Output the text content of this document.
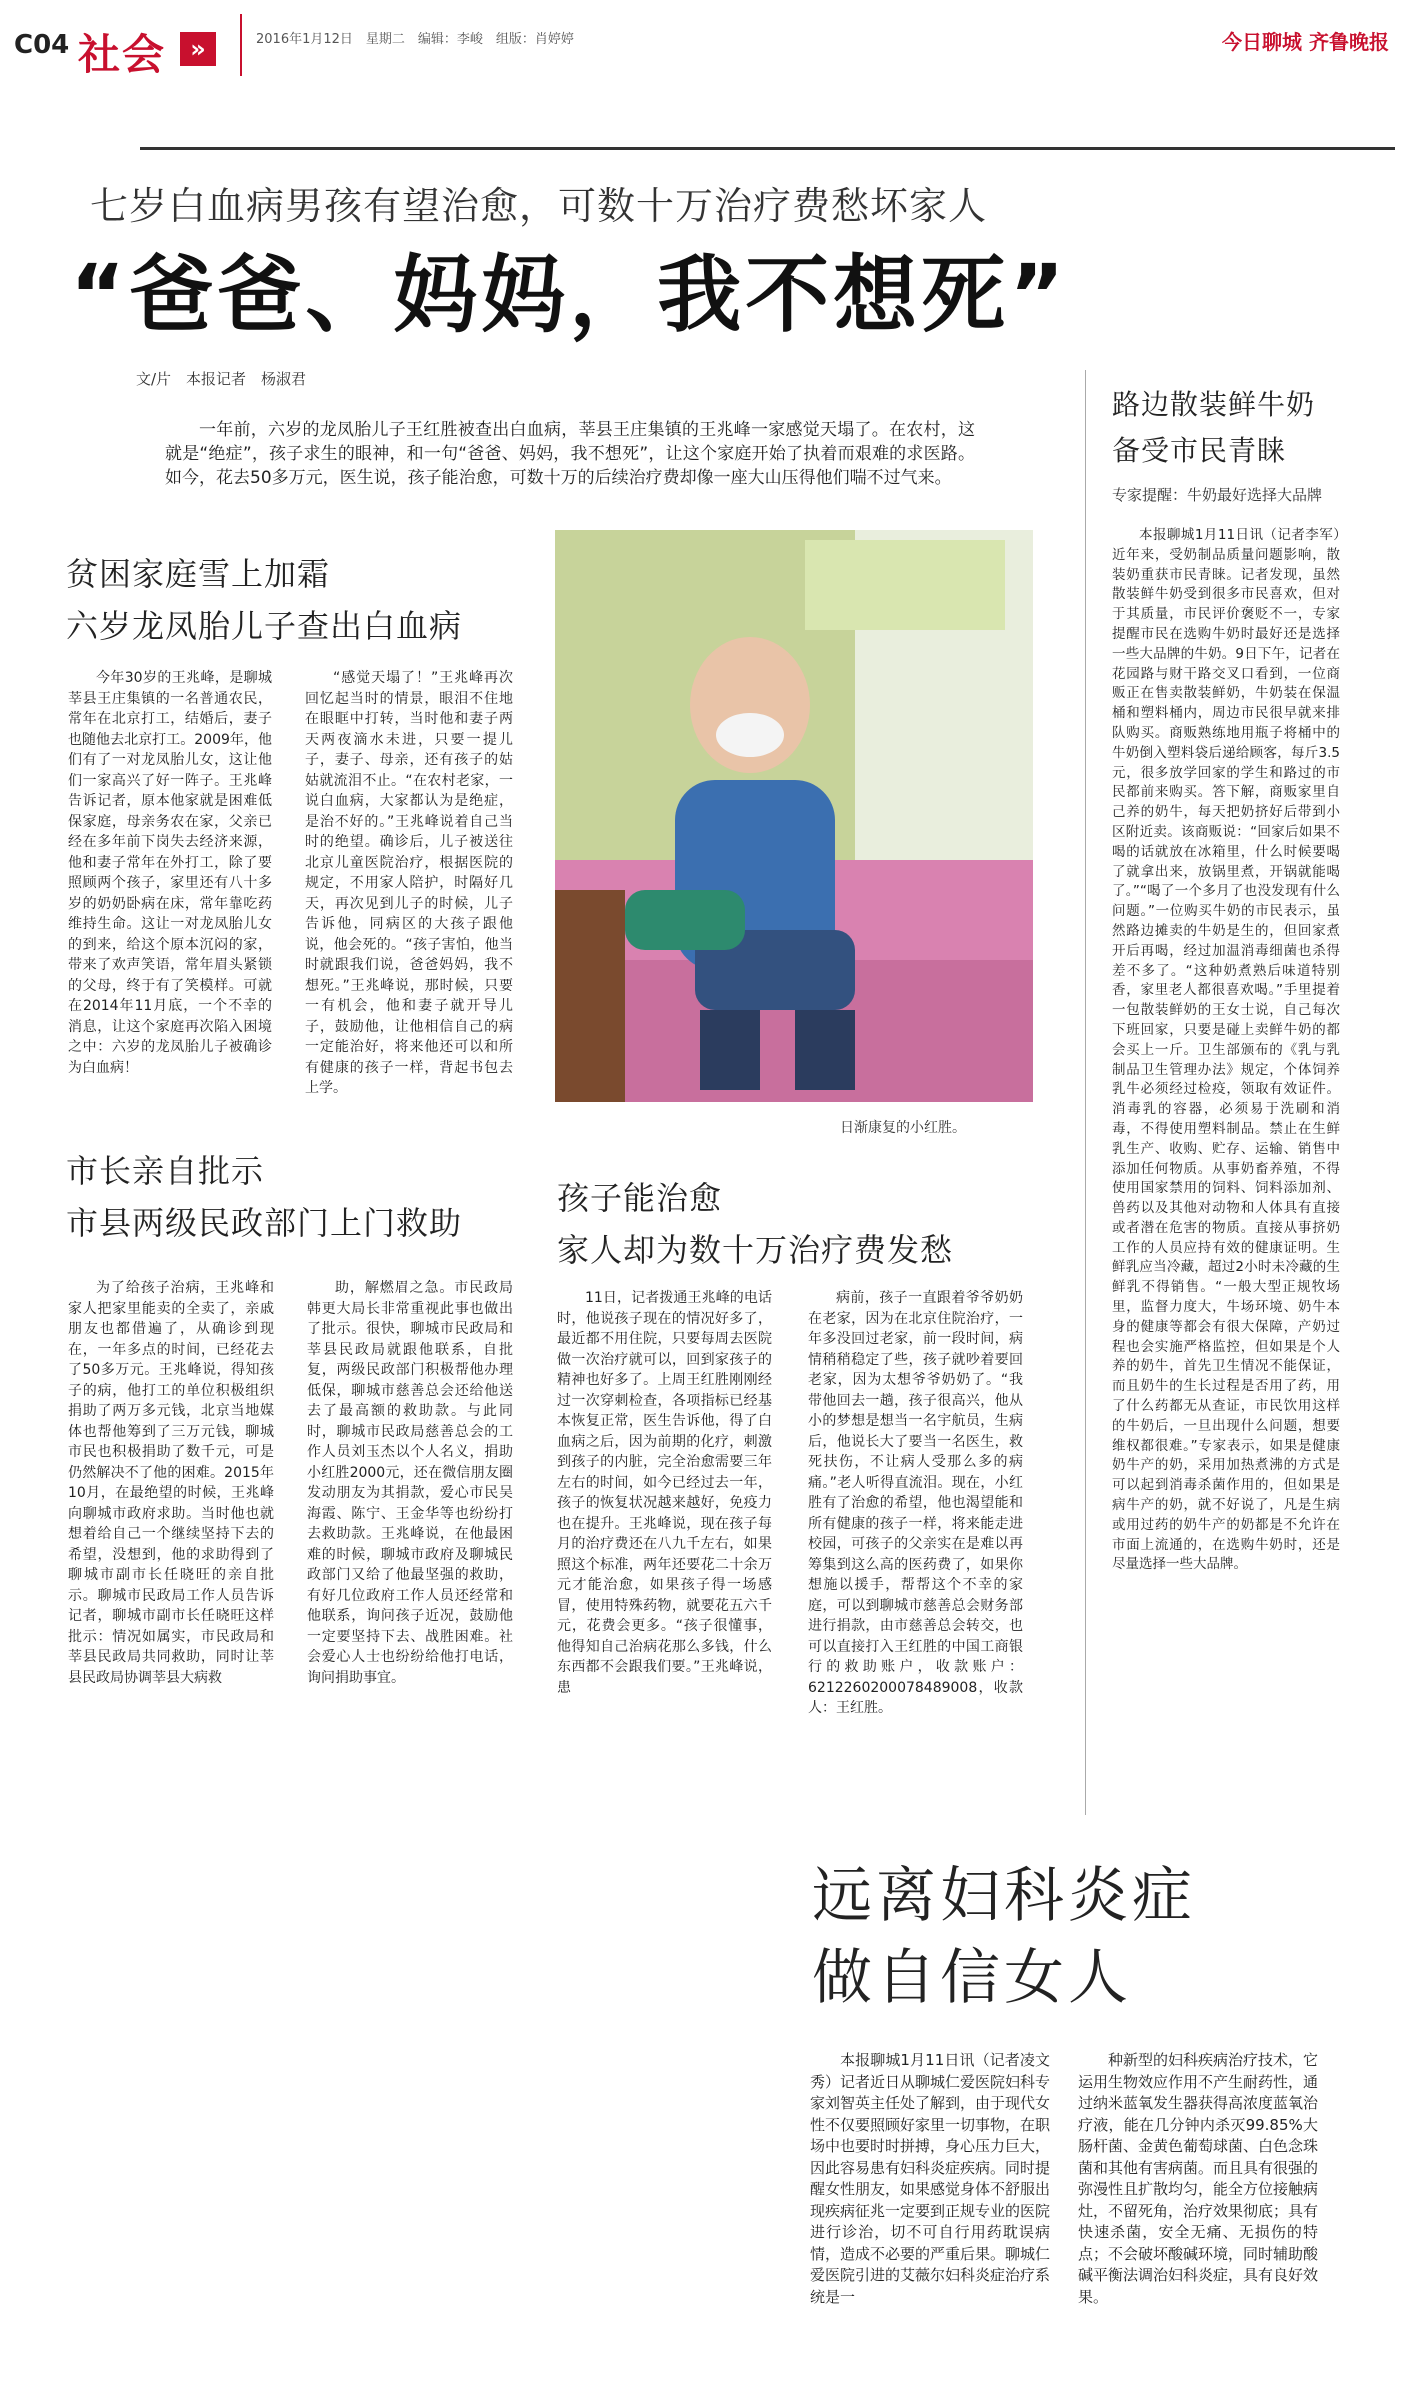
C04 社会	»	2016年1月12日　星期二　编辑：李峻　组版：肖婷婷	今日聊城 齐鲁晚报
七岁白血病男孩有望治愈，可数十万治疗费愁坏家人
“爸爸、妈妈，我不想死”
文/片　本报记者　杨淑君
一年前，六岁的龙凤胎儿子王红胜被查出白血病，莘县王庄集镇的王兆峰一家感觉天塌了。在农村，这就是“绝症”，孩子求生的眼神，和一句“爸爸、妈妈，我不想死”，让这个家庭开始了执着而艰难的求医路。如今，花去50多万元，医生说，孩子能治愈，可数十万的后续治疗费却像一座大山压得他们喘不过气来。
贫困家庭雪上加霜
六岁龙凤胎儿子查出白血病

今年30岁的王兆峰，是聊城莘县王庄集镇的一名普通农民，常年在北京打工，结婚后，妻子也随他去北京打工。2009年，他们有了一对龙凤胎儿女，这让他们一家高兴了好一阵子。王兆峰告诉记者，原本他家就是困难低保家庭，母亲务农在家，父亲已经在多年前下岗失去经济来源，他和妻子常年在外打工，除了要照顾两个孩子，家里还有八十多岁的奶奶卧病在床，常年靠吃药维持生命。这让一对龙凤胎儿女的到来，给这个原本沉闷的家，带来了欢声笑语，常年眉头紧锁的父母，终于有了笑模样。可就在2014年11月底，一个不幸的消息，让这个家庭再次陷入困境之中：六岁的龙凤胎儿子被确诊为白血病！

“感觉天塌了！”王兆峰再次回忆起当时的情景，眼泪不住地在眼眶中打转，当时他和妻子两天两夜滴水未进，只要一提儿子，妻子、母亲，还有孩子的姑姑就流泪不止。“在农村老家，一说白血病，大家都认为是绝症，是治不好的。”王兆峰说着自己当时的绝望。确诊后，儿子被送往北京儿童医院治疗，根据医院的规定，不用家人陪护，时隔好几天，再次见到儿子的时候，儿子告诉他，同病区的大孩子跟他说，他会死的。“孩子害怕，他当时就跟我们说，爸爸妈妈，我不想死。”王兆峰说，那时候，只要一有机会，他和妻子就开导儿子，鼓励他，让他相信自己的病一定能治好，将来他还可以和所有健康的孩子一样，背起书包去上学。

日渐康复的小红胜。
市长亲自批示
市县两级民政部门上门救助

为了给孩子治病，王兆峰和家人把家里能卖的全卖了，亲戚朋友也都借遍了，从确诊到现在，一年多点的时间，已经花去了50多万元。王兆峰说，得知孩子的病，他打工的单位积极组织捐助了两万多元钱，北京当地媒体也帮他筹到了三万元钱，聊城市民也积极捐助了数千元，可是仍然解决不了他的困难。2015年10月，在最绝望的时候，王兆峰向聊城市政府求助。当时他也就想着给自己一个继续坚持下去的希望，没想到，他的求助得到了聊城市副市长任晓旺的亲自批示。聊城市民政局工作人员告诉记者，聊城市副市长任晓旺这样批示：情况如属实，市民政局和莘县民政局共同救助，同时让莘县民政局协调莘县大病救

助，解燃眉之急。市民政局韩更大局长非常重视此事也做出了批示。很快，聊城市民政局和莘县民政局就跟他联系，自批复，两级民政部门积极帮他办理低保，聊城市慈善总会还给他送去了最高额的救助款。与此同时，聊城市民政局慈善总会的工作人员刘玉杰以个人名义，捐助小红胜2000元，还在微信朋友圈发动朋友为其捐款，爱心市民吴海霞、陈宁、王金华等也纷纷打去救助款。王兆峰说，在他最困难的时候，聊城市政府及聊城民政部门又给了他最坚强的救助，有好几位政府工作人员还经常和他联系，询问孩子近况，鼓励他一定要坚持下去、战胜困难。社会爱心人士也纷纷给他打电话，询问捐助事宜。

孩子能治愈
家人却为数十万治疗费发愁

11日，记者拨通王兆峰的电话时，他说孩子现在的情况好多了，最近都不用住院，只要每周去医院做一次治疗就可以，回到家孩子的精神也好多了。上周王红胜刚刚经过一次穿刺检查，各项指标已经基本恢复正常，医生告诉他，得了白血病之后，因为前期的化疗，刺激到孩子的内脏，完全治愈需要三年左右的时间，如今已经过去一年，孩子的恢复状况越来越好，免疫力也在提升。王兆峰说，现在孩子每月的治疗费还在八九千左右，如果照这个标准，两年还要花二十余万元才能治愈，如果孩子得一场感冒，使用特殊药物，就要花五六千元，花费会更多。“孩子很懂事，他得知自己治病花那么多钱，什么东西都不会跟我们要。”王兆峰说，患

病前，孩子一直跟着爷爷奶奶在老家，因为在北京住院治疗，一年多没回过老家，前一段时间，病情稍稍稳定了些，孩子就吵着要回老家，因为太想爷爷奶奶了。“我带他回去一趟，孩子很高兴，他从小的梦想是想当一名宇航员，生病后，他说长大了要当一名医生，救死扶伤，不让病人受那么多的病痛。”老人听得直流泪。现在，小红胜有了治愈的希望，他也渴望能和所有健康的孩子一样，将来能走进校园，可孩子的父亲实在是难以再筹集到这么高的医药费了，如果你想施以援手，帮帮这个不幸的家庭，可以到聊城市慈善总会财务部进行捐款，由市慈善总会转交，也可以直接打入王红胜的中国工商银行的救助账户，收款账户：6212260200078489008，收款人：王红胜。

路边散装鲜牛奶
备受市民青睐
专家提醒：牛奶最好选择大品牌

本报聊城1月11日讯（记者李军）近年来，受奶制品质量问题影响，散装奶重获市民青睐。记者发现，虽然散装鲜牛奶受到很多市民喜欢，但对于其质量，市民评价褒贬不一，专家提醒市民在选购牛奶时最好还是选择一些大品牌的牛奶。9日下午，记者在花园路与财干路交叉口看到，一位商贩正在售卖散装鲜奶，牛奶装在保温桶和塑料桶内，周边市民很早就来排队购买。商贩熟练地用瓶子将桶中的牛奶倒入塑料袋后递给顾客，每斤3.5元，很多放学回家的学生和路过的市民都前来购买。答下解，商贩家里自己养的奶牛，每天把奶挤好后带到小区附近卖。该商贩说：“回家后如果不喝的话就放在冰箱里，什么时候要喝了就拿出来，放锅里煮，开锅就能喝了。”“喝了一个多月了也没发现有什么问题。”一位购买牛奶的市民表示，虽然路边摊卖的牛奶是生的，但回家煮开后再喝，经过加温消毒细菌也杀得差不多了。“这种奶煮熟后味道特别香，家里老人都很喜欢喝。”手里提着一包散装鲜奶的王女士说，自己每次下班回家，只要是碰上卖鲜牛奶的都会买上一斤。卫生部颁布的《乳与乳制品卫生管理办法》规定，个体饲养乳牛必须经过检疫，领取有效证件。消毒乳的容器，必须易于洗刷和消毒，不得使用塑料制品。禁止在生鲜乳生产、收购、贮存、运输、销售中添加任何物质。从事奶畜养殖，不得使用国家禁用的饲料、饲料添加剂、兽药以及其他对动物和人体具有直接或者潜在危害的物质。直接从事挤奶工作的人员应持有效的健康证明。生鲜乳应当冷藏，超过2小时未冷藏的生鲜乳不得销售。“一般大型正规牧场里，监督力度大，牛场环境、奶牛本身的健康等都会有很大保障，产奶过程也会实施严格监控，但如果是个人养的奶牛，首先卫生情况不能保证，而且奶牛的生长过程是否用了药，用了什么药都无从查证，市民饮用这样的牛奶后，一旦出现什么问题，想要维权都很难。”专家表示，如果是健康奶牛产的奶，采用加热煮沸的方式是可以起到消毒杀菌作用的，但如果是病牛产的奶，就不好说了，凡是生病或用过药的奶牛产的奶都是不允许在市面上流通的，在选购牛奶时，还是尽量选择一些大品牌。

远离妇科炎症
做自信女人

本报聊城1月11日讯（记者凌文秀）记者近日从聊城仁爱医院妇科专家刘智英主任处了解到，由于现代女性不仅要照顾好家里一切事物，在职场中也要时时拼搏，身心压力巨大，因此容易患有妇科炎症疾病。同时提醒女性朋友，如果感觉身体不舒服出现疾病征兆一定要到正规专业的医院进行诊治，切不可自行用药耽误病情，造成不必要的严重后果。聊城仁爱医院引进的艾薇尔妇科炎症治疗系统是一

种新型的妇科疾病治疗技术，它运用生物效应作用不产生耐药性，通过纳米蓝氧发生器获得高浓度蓝氧治疗液，能在几分钟内杀灭99.85%大肠杆菌、金黄色葡萄球菌、白色念珠菌和其他有害病菌。而且具有很强的弥漫性且扩散均匀，能全方位接触病灶，不留死角，治疗效果彻底；具有快速杀菌，安全无痛、无损伤的特点；不会破坏酸碱环境，同时辅助酸碱平衡法调治妇科炎症，具有良好效果。
